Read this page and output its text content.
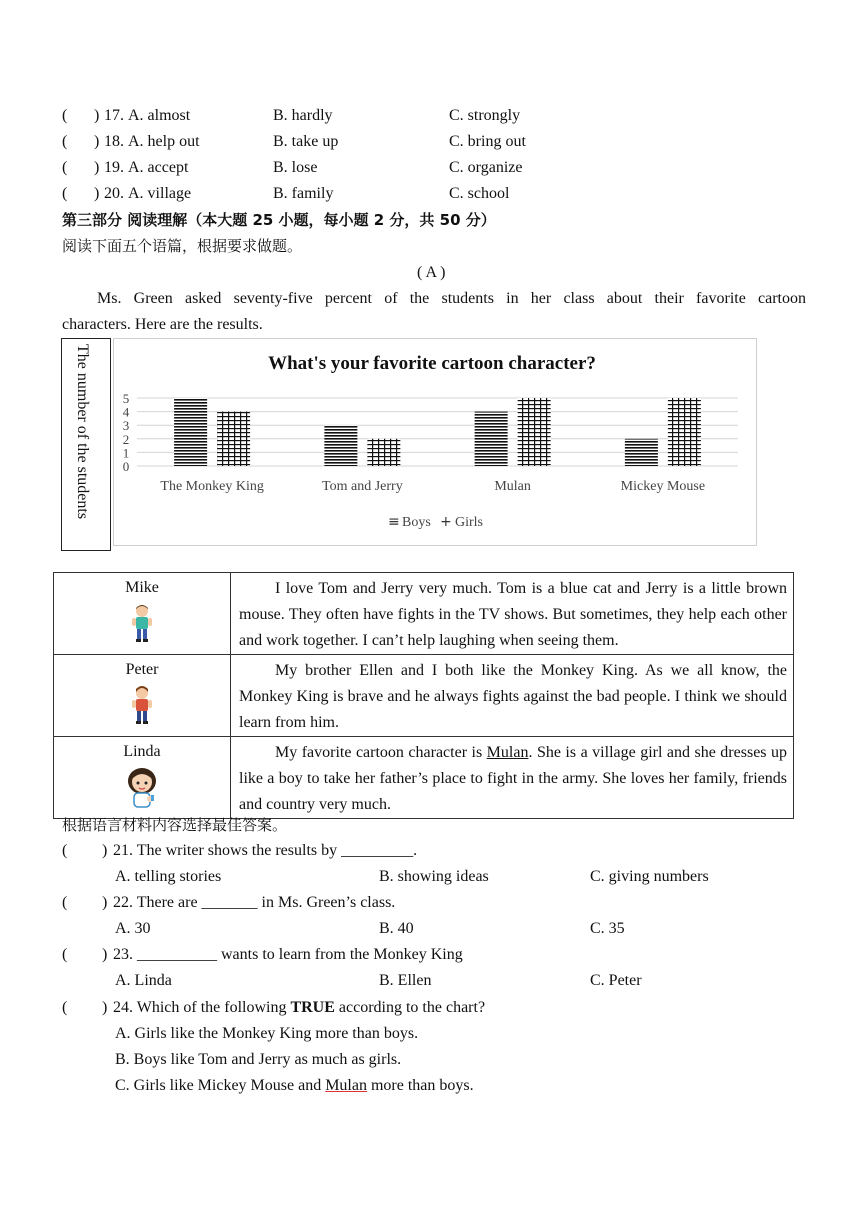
( ) 17. A. almost	B. hardly	C. strongly
( ) 18. A. help out	B. take up	C. bring out
( ) 19. A. accept	B. lose	C. organize
( ) 20. A. village	B. family	C. school
第三部分 阅读理解（本大题 25 小题，每小题 2 分，共 50 分）
阅读下面五个语篇，根据要求做题。
( A )
Ms. Green asked seventy-five percent of the students in her class about their favorite cartoon
characters. Here are the results.
The number of the students	What's your favorite cartoon character?
0
1
2
3
4
5
The Monkey King	Tom and Jerry	Mulan	Mickey Mouse
≡ Boys + Girls
Mike	I love Tom and Jerry very much. Tom is a blue cat and Jerry is a little brown mouse. They often have fights in the TV shows. But sometimes, they help each other and work together. I can’t help laughing when seeing them.

Peter	My brother Ellen and I both like the Monkey King. As we all know, the Monkey King is brave and he always fights against the bad people. I think we should learn from him.

Linda	My favorite cartoon character is Mulan. She is a village girl and she dresses up like a boy to take her father’s place to fight in the army. She loves her family, friends and country very much.
根据语言材料内容选择最佳答案。
( ) 21. The writer shows the results by _________.
A. telling stories	B. showing ideas	C. giving numbers
( ) 22. There are _______ in Ms. Green’s class.
A. 30	B. 40	C. 35
( ) 23. __________ wants to learn from the Monkey King
A. Linda	B. Ellen	C. Peter
( ) 24. Which of the following TRUE according to the chart?
A. Girls like the Monkey King more than boys.
B. Boys like Tom and Jerry as much as girls.
C. Girls like Mickey Mouse and Mulan more than boys.
